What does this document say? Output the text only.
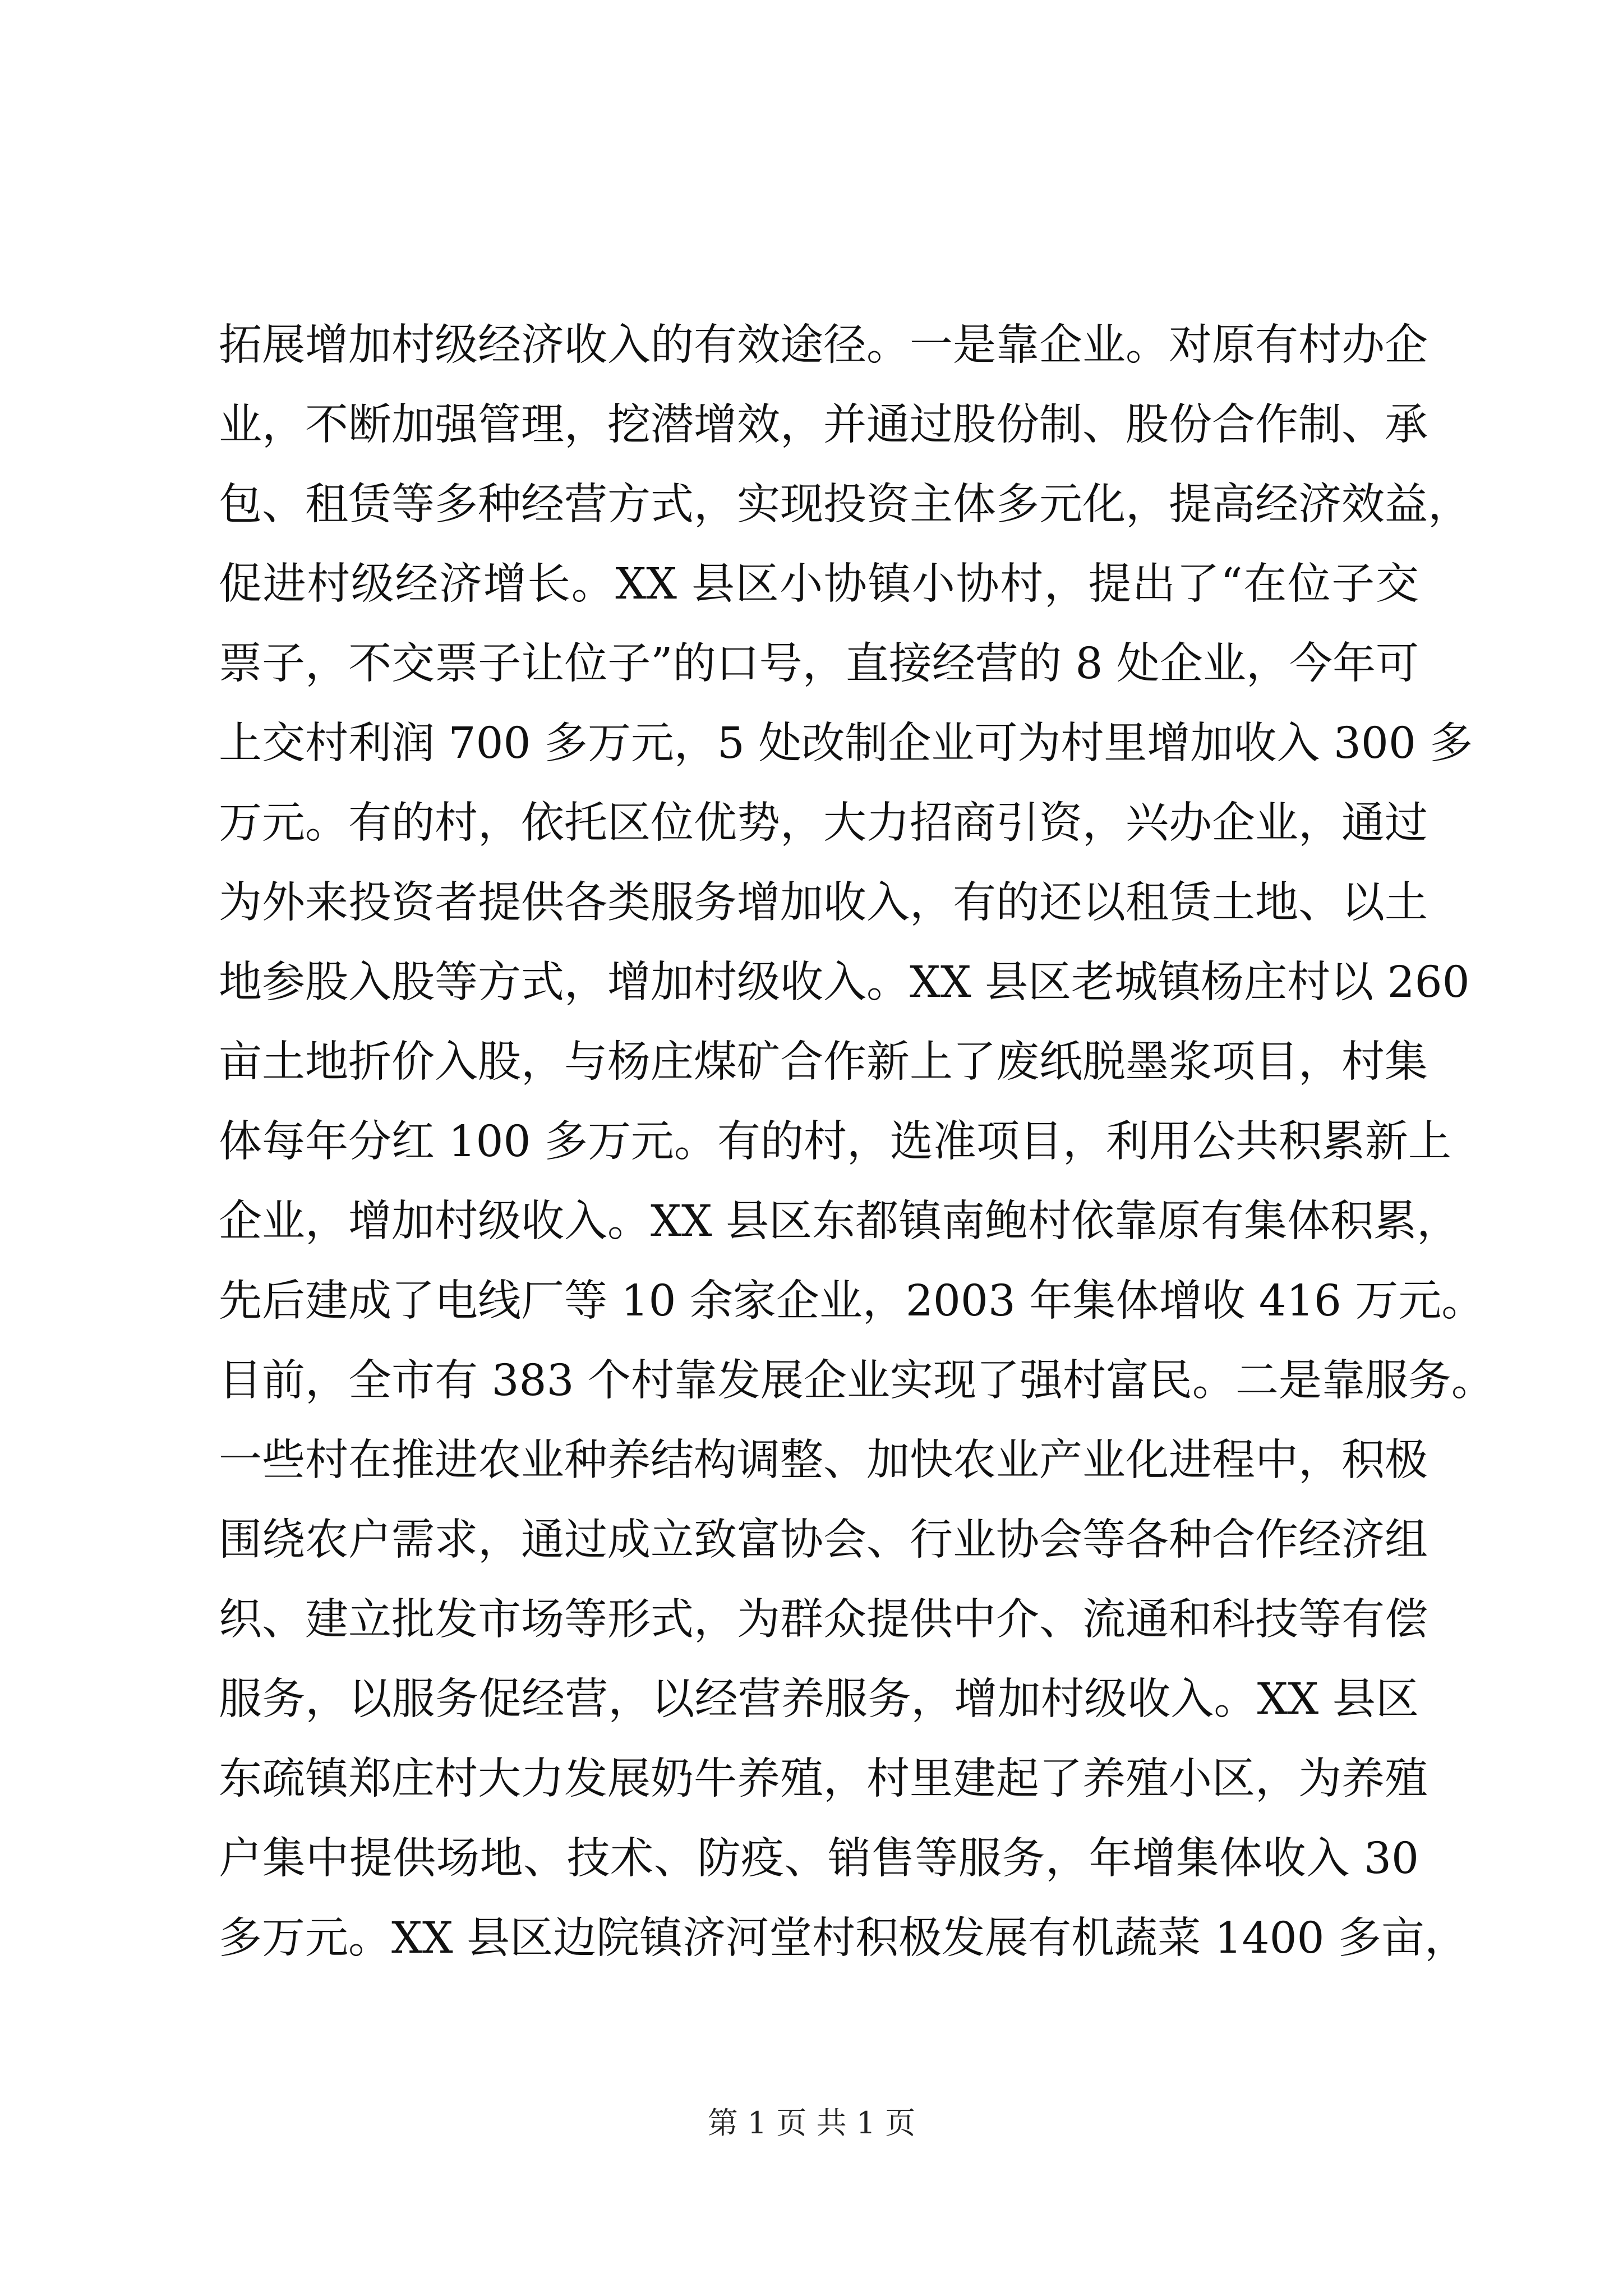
拓展增加村级经济收入的有效途径。一是靠企业。对原有村办企
业，不断加强管理，挖潜增效，并通过股份制、股份合作制、承
包、租赁等多种经营方式，实现投资主体多元化，提高经济效益，
促进村级经济增长。XX 县区小协镇小协村，提出了“在位子交
票子，不交票子让位子”的口号，直接经营的 8 处企业，今年可
上交村利润 700 多万元，5 处改制企业可为村里增加收入 300 多
万元。有的村，依托区位优势，大力招商引资，兴办企业，通过
为外来投资者提供各类服务增加收入，有的还以租赁土地、以土
地参股入股等方式，增加村级收入。XX 县区老城镇杨庄村以 260
亩土地折价入股，与杨庄煤矿合作新上了废纸脱墨浆项目，村集
体每年分红 100 多万元。有的村，选准项目，利用公共积累新上
企业，增加村级收入。XX 县区东都镇南鲍村依靠原有集体积累，
先后建成了电线厂等 10 余家企业，2003 年集体增收 416 万元。
目前，全市有 383 个村靠发展企业实现了强村富民。二是靠服务。
一些村在推进农业种养结构调整、加快农业产业化进程中，积极
围绕农户需求，通过成立致富协会、行业协会等各种合作经济组
织、建立批发市场等形式，为群众提供中介、流通和科技等有偿
服务，以服务促经营，以经营养服务，增加村级收入。XX 县区
东疏镇郑庄村大力发展奶牛养殖，村里建起了养殖小区，为养殖
户集中提供场地、技术、防疫、销售等服务，年增集体收入 30
多万元。XX 县区边院镇济河堂村积极发展有机蔬菜 1400 多亩，
第 1 页 共 1 页
